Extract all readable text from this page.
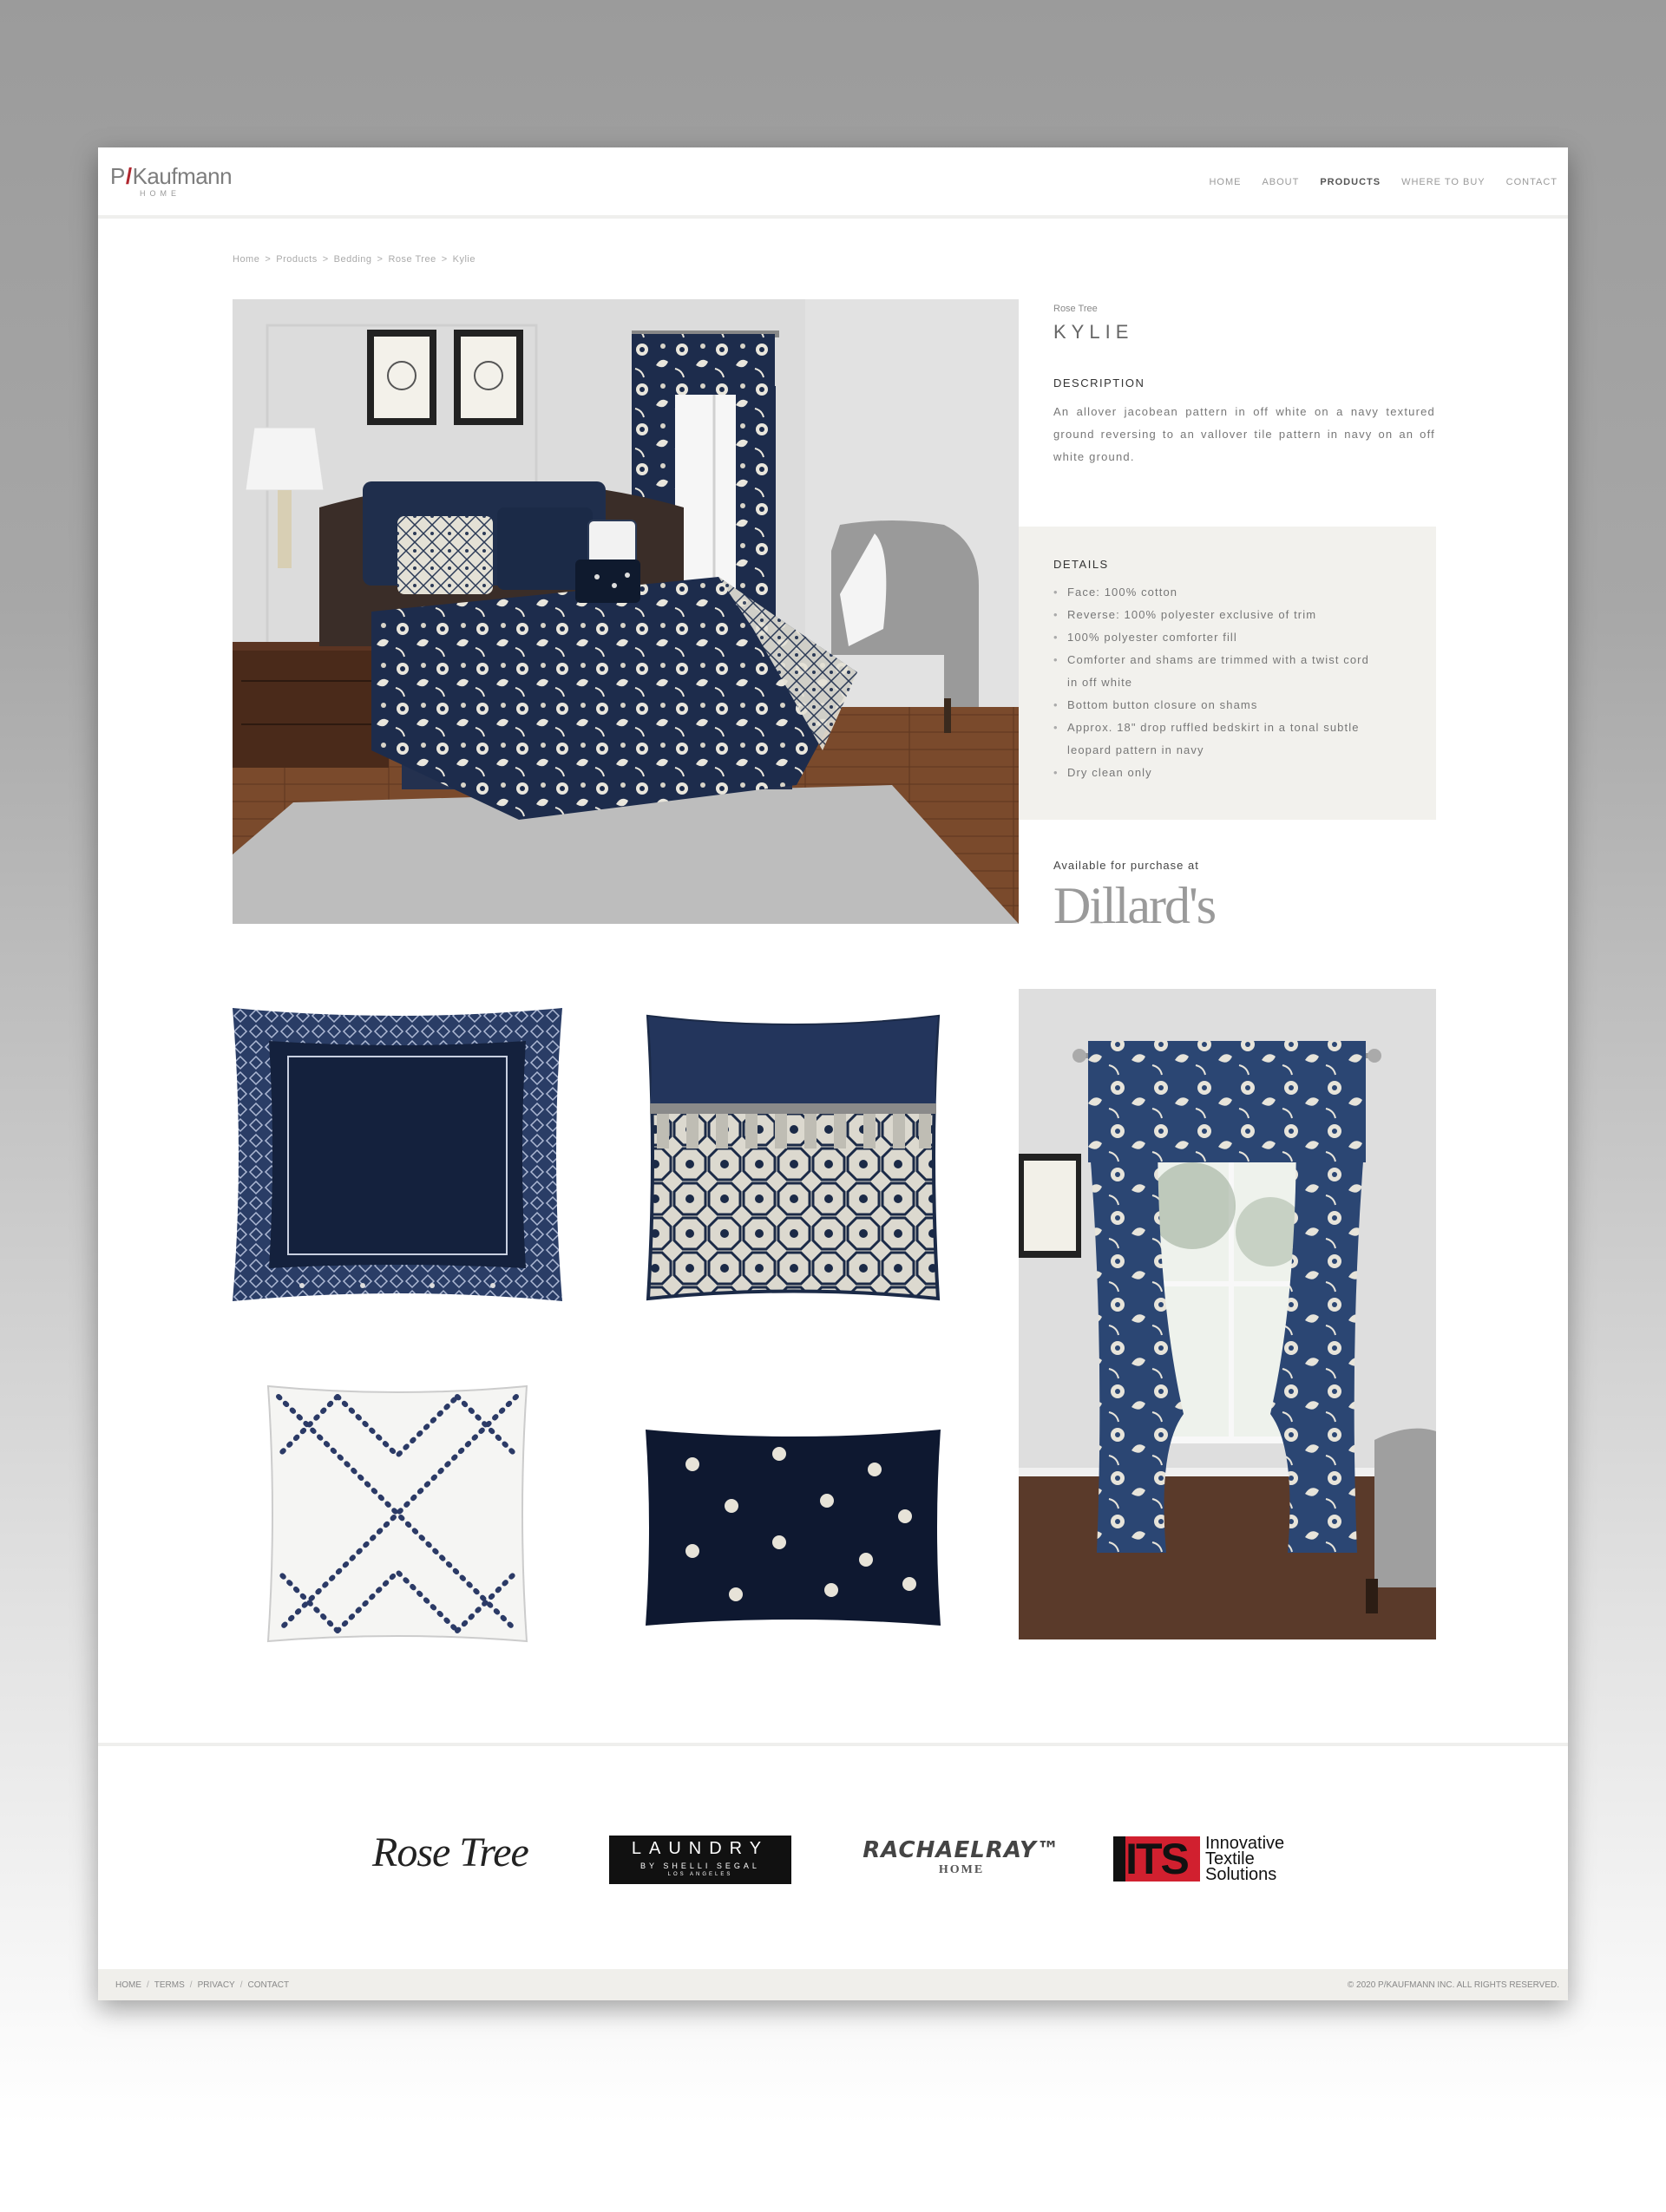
P/Kaufmann
HOME
HOME ABOUT PRODUCTS WHERE TO BUY CONTACT
Home > Products > Bedding > Rose Tree > Kylie
Rose Tree
KYLIE
DESCRIPTION

An allover jacobean pattern in off white on a navy textured ground reversing to an vallover tile pattern in navy on an off white ground.

DETAILS
• Face: 100% cotton
• Reverse: 100% polyester exclusive of trim
• 100% polyester comforter fill
• Comforter and shams are trimmed with a twist cord
in off white
• Bottom button closure on shams
• Approx. 18" drop ruffled bedskirt in a tonal subtle
leopard pattern in navy
• Dry clean only
Available for purchase at
Dillard's
Rose Tree	LAUNDRY
BY SHELLI SEGAL
LOS ANGELES
RACHAELRAY™
HOME	ITS	Innovative
Textile
Solutions
HOME / TERMS / PRIVACY / CONTACT	© 2020 P/KAUFMANN INC. ALL RIGHTS RESERVED.
